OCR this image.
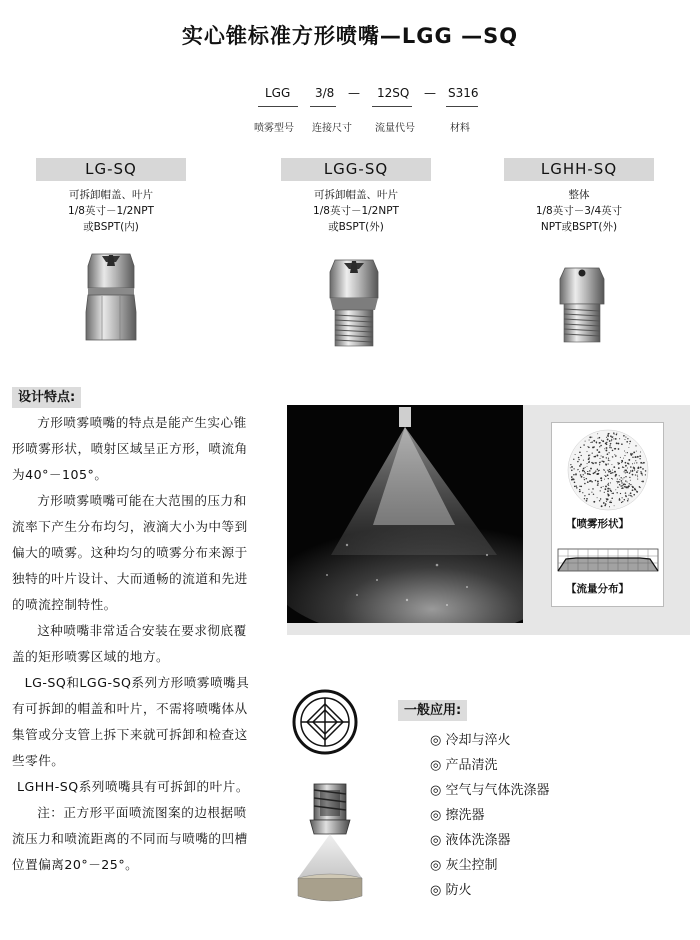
实心锥标准方形喷嘴—LGG —SQ
LGG 3/8 — 12SQ — S316
喷雾型号 连接尺寸 流量代号	材料
LG-SQ	LGG-SQ	LGHH-SQ
可拆卸帽盖、叶片
1/8英寸－1/2NPT
或BSPT(内)
可拆卸帽盖、叶片
1/8英寸－1/2NPT
或BSPT(外)
整体
1/8英寸－3/4英寸
NPT或BSPT(外)
设计特点:

方形喷雾喷嘴的特点是能产生实心锥形喷雾形状，喷射区域呈正方形，喷流角为40°－105°。

方形喷雾喷嘴可能在大范围的压力和流率下产生分布均匀，液滴大小为中等到偏大的喷雾。这种均匀的喷雾分布来源于独特的叶片设计、大而通畅的流道和先进的喷流控制特性。

这种喷嘴非常适合安装在要求彻底覆盖的矩形喷雾区域的地方。

LG-SQ和LGG-SQ系列方形喷雾喷嘴具有可拆卸的帽盖和叶片，不需将喷嘴体从集管或分支管上拆下来就可拆卸和检查这些零件。

LGHH-SQ系列喷嘴具有可拆卸的叶片。

注：正方形平面喷流图案的边根据喷流压力和喷流距离的不同而与喷嘴的凹槽位置偏离20°－25°。

【喷雾形状】
【流量分布】
一般应用:
◎ 冷却与淬火
◎ 产品清洗
◎ 空气与气体洗涤器
◎ 擦洗器
◎ 液体洗涤器
◎ 灰尘控制
◎ 防火
